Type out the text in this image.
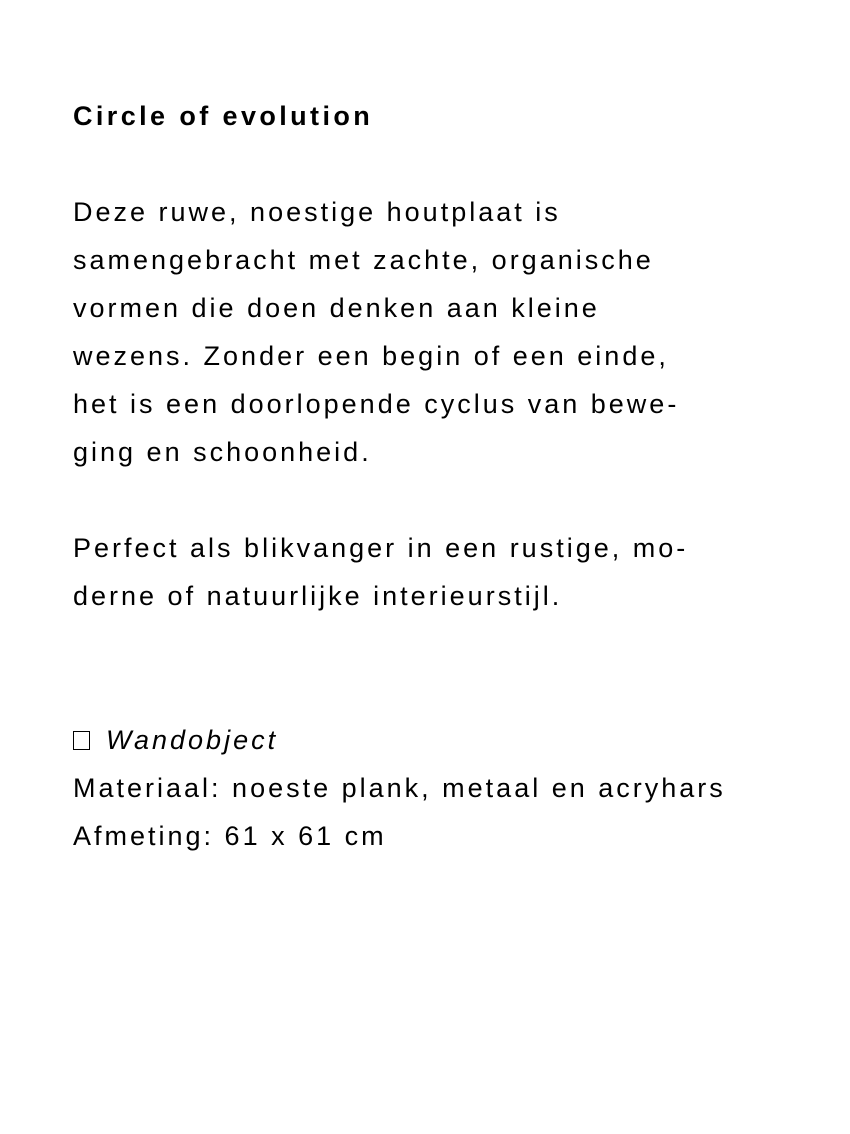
Circle of evolution

Deze ruwe, noestige houtplaat is
samengebracht met zachte, organische
vormen die doen denken aan kleine
wezens. Zonder een begin of een einde,
het is een doorlopende cyclus van bewe-
ging en schoonheid.

Perfect als blikvanger in een rustige, mo-
derne of natuurlijke interieurstijl.

Wandobject
Materiaal: noeste plank, metaal en acryhars
Afmeting: 61 x 61 cm
